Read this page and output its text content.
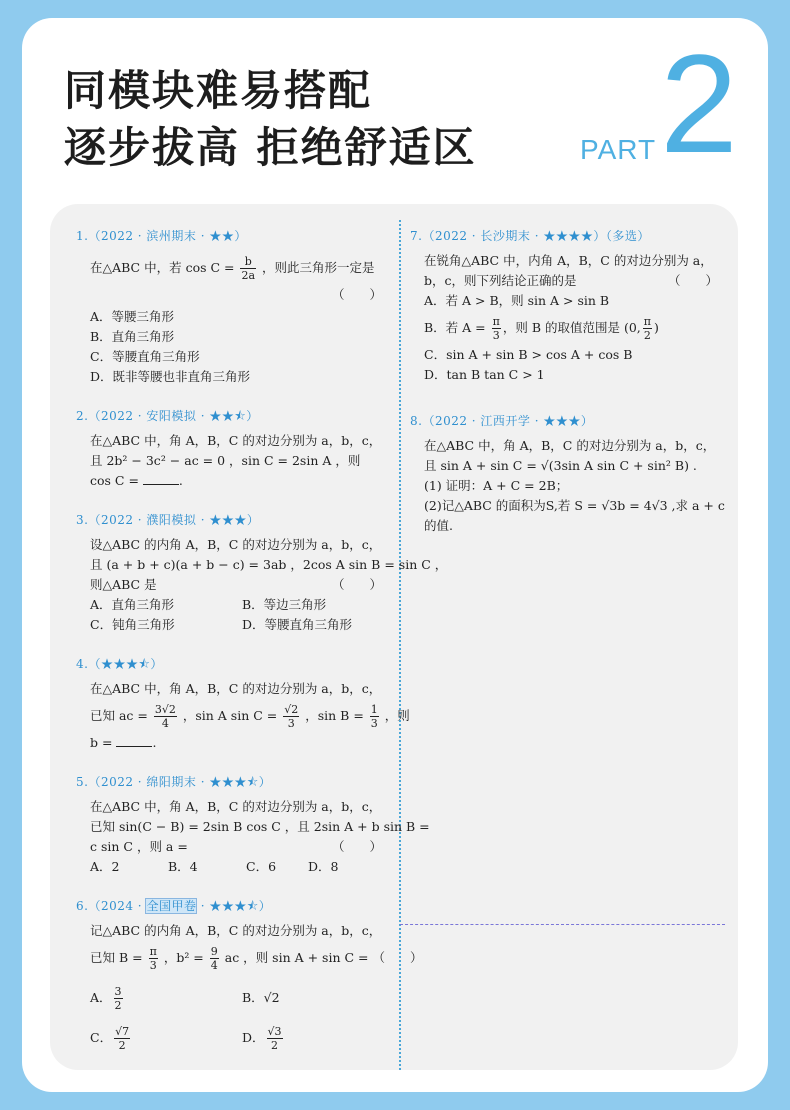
同模块难易搭配
逐步拔高 拒绝舒适区	PART 2
1.（2022 · 滨州期末 · ★★）
在△ABC 中，若 $\cos C = \frac{b}{2a}$ ，则此三角形一定是
（　　）
A．等腰三角形
B．直角三角形
C．等腰直角三角形
D．既非等腰也非直角三角形
2.（2022 · 安阳模拟 · ★★⯪）
在△ABC 中，角 A，B，C 的对边分别为 a，b，c，
且 2b² − 3c² − ac = 0 ，sin C = 2sin A ，则
cos C =	.
3.（2022 · 濮阳模拟 · ★★★）
设△ABC 的内角 A，B，C 的对边分别为 a，b，c，
且 (a + b + c)(a + b − c) = 3ab ，2cos A sin B = sin C ，
则△ABC 是	（　　）
A．直角三角形	B．等边三角形
C．钝角三角形	D．等腰直角三角形
4.（★★★⯪）
在△ABC 中，角 A，B，C 的对边分别为 a，b，c，
已知 ac = $\frac{3√2}{4}$ ，sin A $\sin C = \frac{√2}{3}$ ，$\sin B = \frac{1}{3}$ ，则
b =	.
5.（2022 · 绵阳期末 · ★★★⯪）
在△ABC 中，角 A，B，C 的对边分别为 a，b，c，
已知 sin(C − B) = 2sin B cos C ，且 2sin A + b sin B =
c sin C ，则 a =	（　　）
A．2	B．4	C．6	D．8
6.（2024 · 全国甲卷 · ★★★⯪）
记△ABC 的内角 A，B，C 的对边分别为 a，b，c，
已知 $B = \frac{\pi}{3}$ ，$b^2 = \frac{9}{4}$ ac ，则 sin A + sin C = （　　）
A． $\frac{3}{2}$	B．√2
C． $\frac{√7}{2}$	D． $\frac{√3}{2}$
7.（2022 · 长沙期末 · ★★★★）（多选）
在锐角△ABC 中，内角 A，B，C 的对边分别为 a，
b，c，则下列结论正确的是	（　　）
A．若 A > B，则 sin A > sin B
B．若 $A = \frac{\pi}{3}$ ，则 B 的取值范围是 (0, $\frac{\pi}{2}$ )
C．sin A + sin B > cos A + cos B
D．tan B tan C > 1
8.（2022 · 江西开学 · ★★★）
在△ABC 中，角 A，B，C 的对边分别为 a，b，c，
且 sin A + sin C = √(3sin A sin C + sin² B) .
(1) 证明：A + C = 2B；
(2)记△ABC 的面积为S,若 S = √3b = 4√3 ,求 a + c
的值.
